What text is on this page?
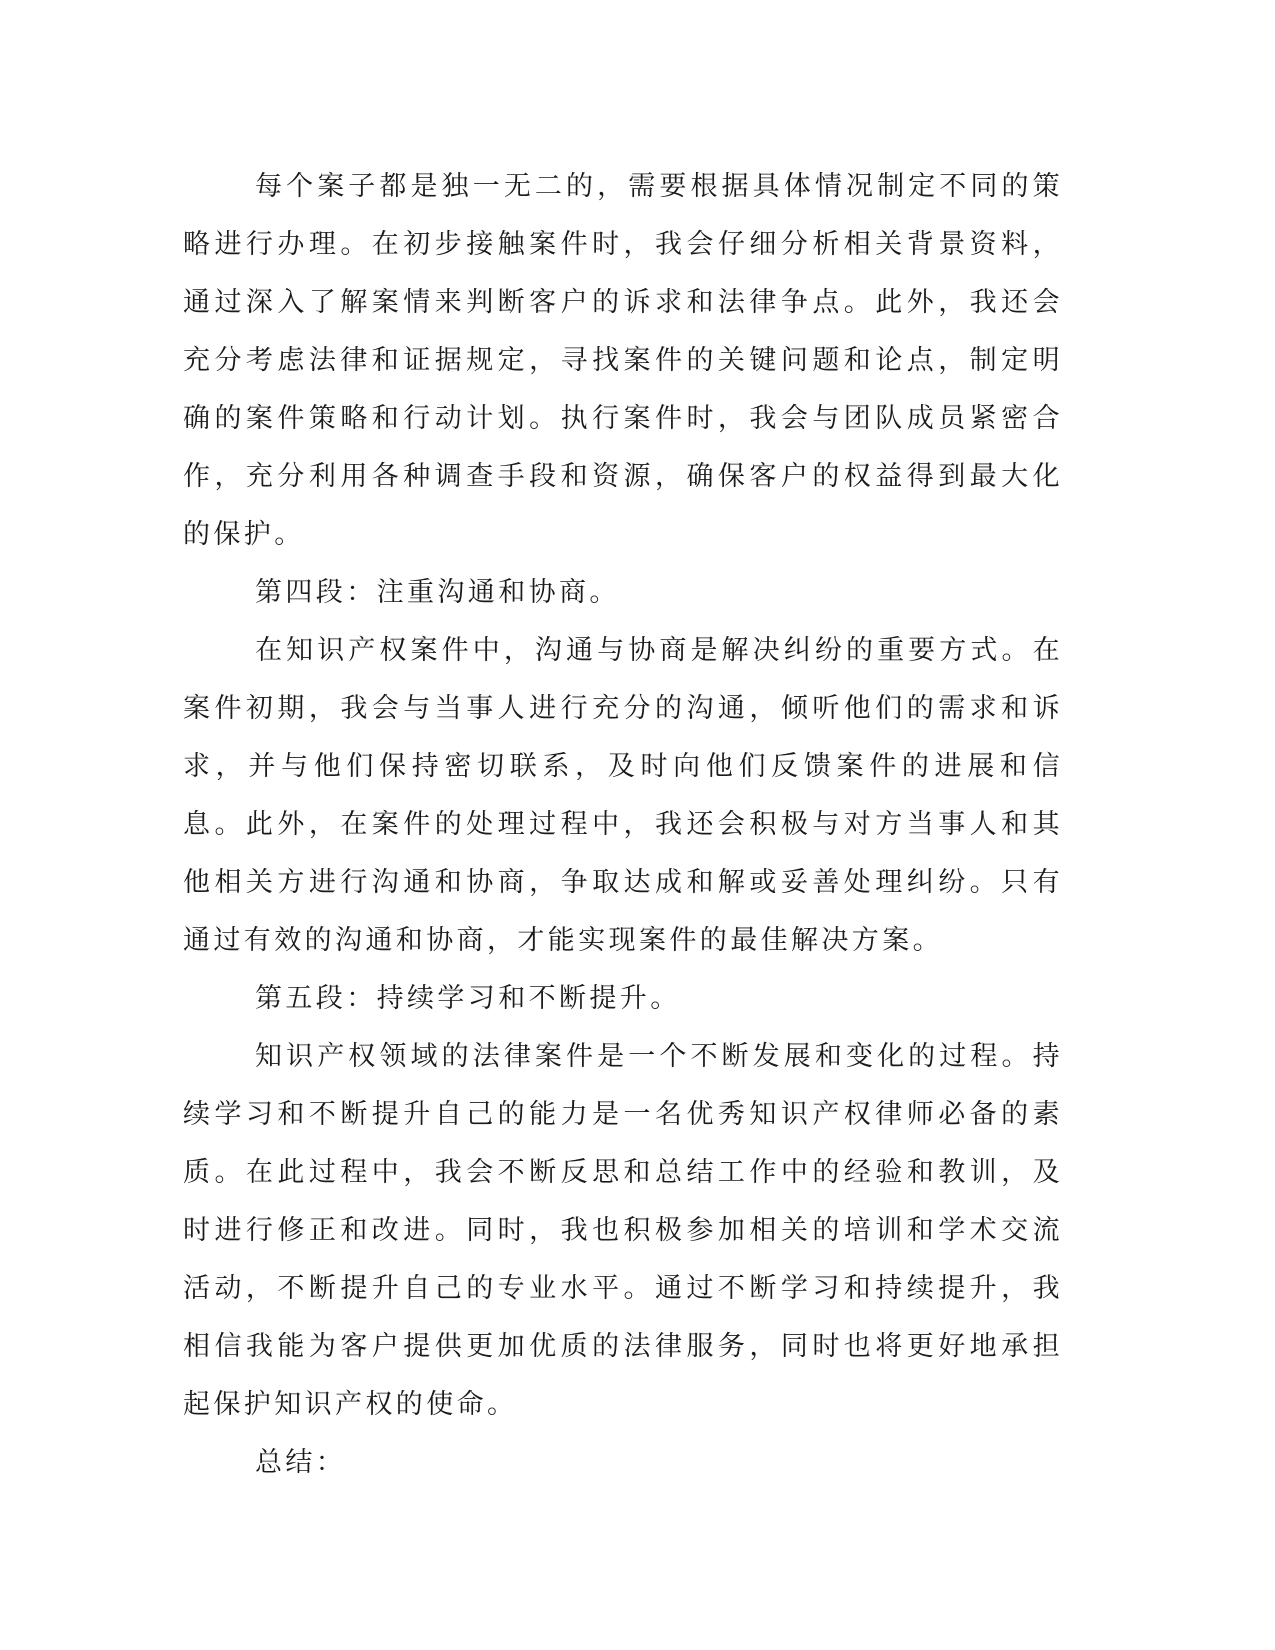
每个案子都是独一无二的，需要根据具体情况制定不同的策略进行办理。在初步接触案件时，我会仔细分析相关背景资料，通过深入了解案情来判断客户的诉求和法律争点。此外，我还会充分考虑法律和证据规定，寻找案件的关键问题和论点，制定明确的案件策略和行动计划。执行案件时，我会与团队成员紧密合作，充分利用各种调查手段和资源，确保客户的权益得到最大化的保护。

第四段：注重沟通和协商。

在知识产权案件中，沟通与协商是解决纠纷的重要方式。在案件初期，我会与当事人进行充分的沟通，倾听他们的需求和诉求，并与他们保持密切联系，及时向他们反馈案件的进展和信息。此外，在案件的处理过程中，我还会积极与对方当事人和其他相关方进行沟通和协商，争取达成和解或妥善处理纠纷。只有通过有效的沟通和协商，才能实现案件的最佳解决方案。

第五段：持续学习和不断提升。

知识产权领域的法律案件是一个不断发展和变化的过程。持续学习和不断提升自己的能力是一名优秀知识产权律师必备的素质。在此过程中，我会不断反思和总结工作中的经验和教训，及时进行修正和改进。同时，我也积极参加相关的培训和学术交流活动，不断提升自己的专业水平。通过不断学习和持续提升，我相信我能为客户提供更加优质的法律服务，同时也将更好地承担起保护知识产权的使命。

总结：
